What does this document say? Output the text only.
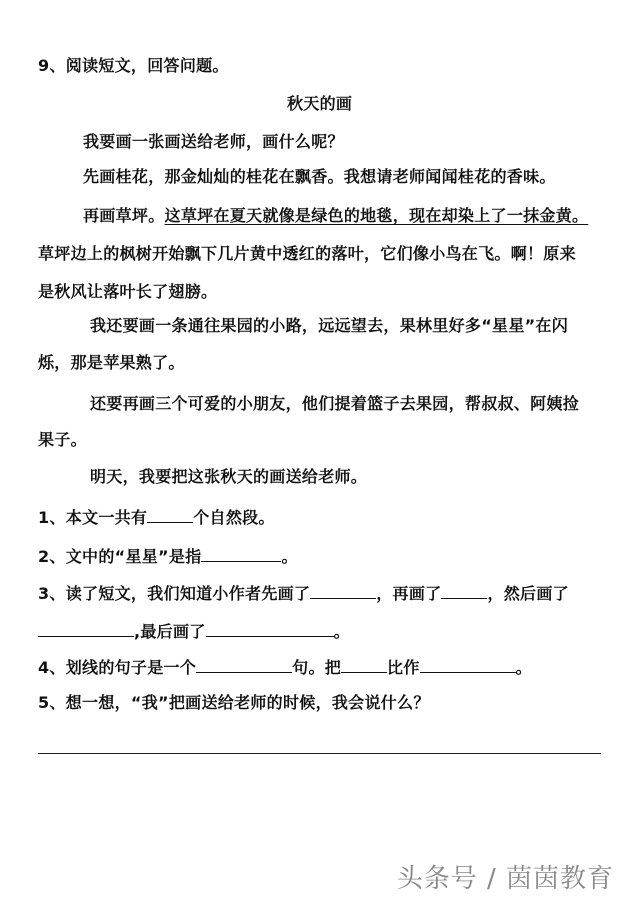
9、阅读短文，回答问题。
秋天的画
我要画一张画送给老师，画什么呢？
先画桂花，那金灿灿的桂花在飘香。我想请老师闻闻桂花的香味。
再画草坪。这草坪在夏天就像是绿色的地毯，现在却染上了一抹金黄。
草坪边上的枫树开始飘下几片黄中透红的落叶，它们像小鸟在飞。啊！原来
是秋风让落叶长了翅膀。
我还要画一条通往果园的小路，远远望去，果林里好多“星星”在闪
烁，那是苹果熟了。
还要再画三个可爱的小朋友，他们提着篮子去果园，帮叔叔、阿姨捡
果子。
明天，我要把这张秋天的画送给老师。
1、本文一共有	个自然段。
2、文中的“星星”是指	。
3、读了短文，我们知道小作者先画了	，再画了	，然后画了
,最后画了	。
4、划线的句子是一个	句。把	比作	。
5、想一想，“我”把画送给老师的时候，我会说什么？
头条号 / 茵茵教育
